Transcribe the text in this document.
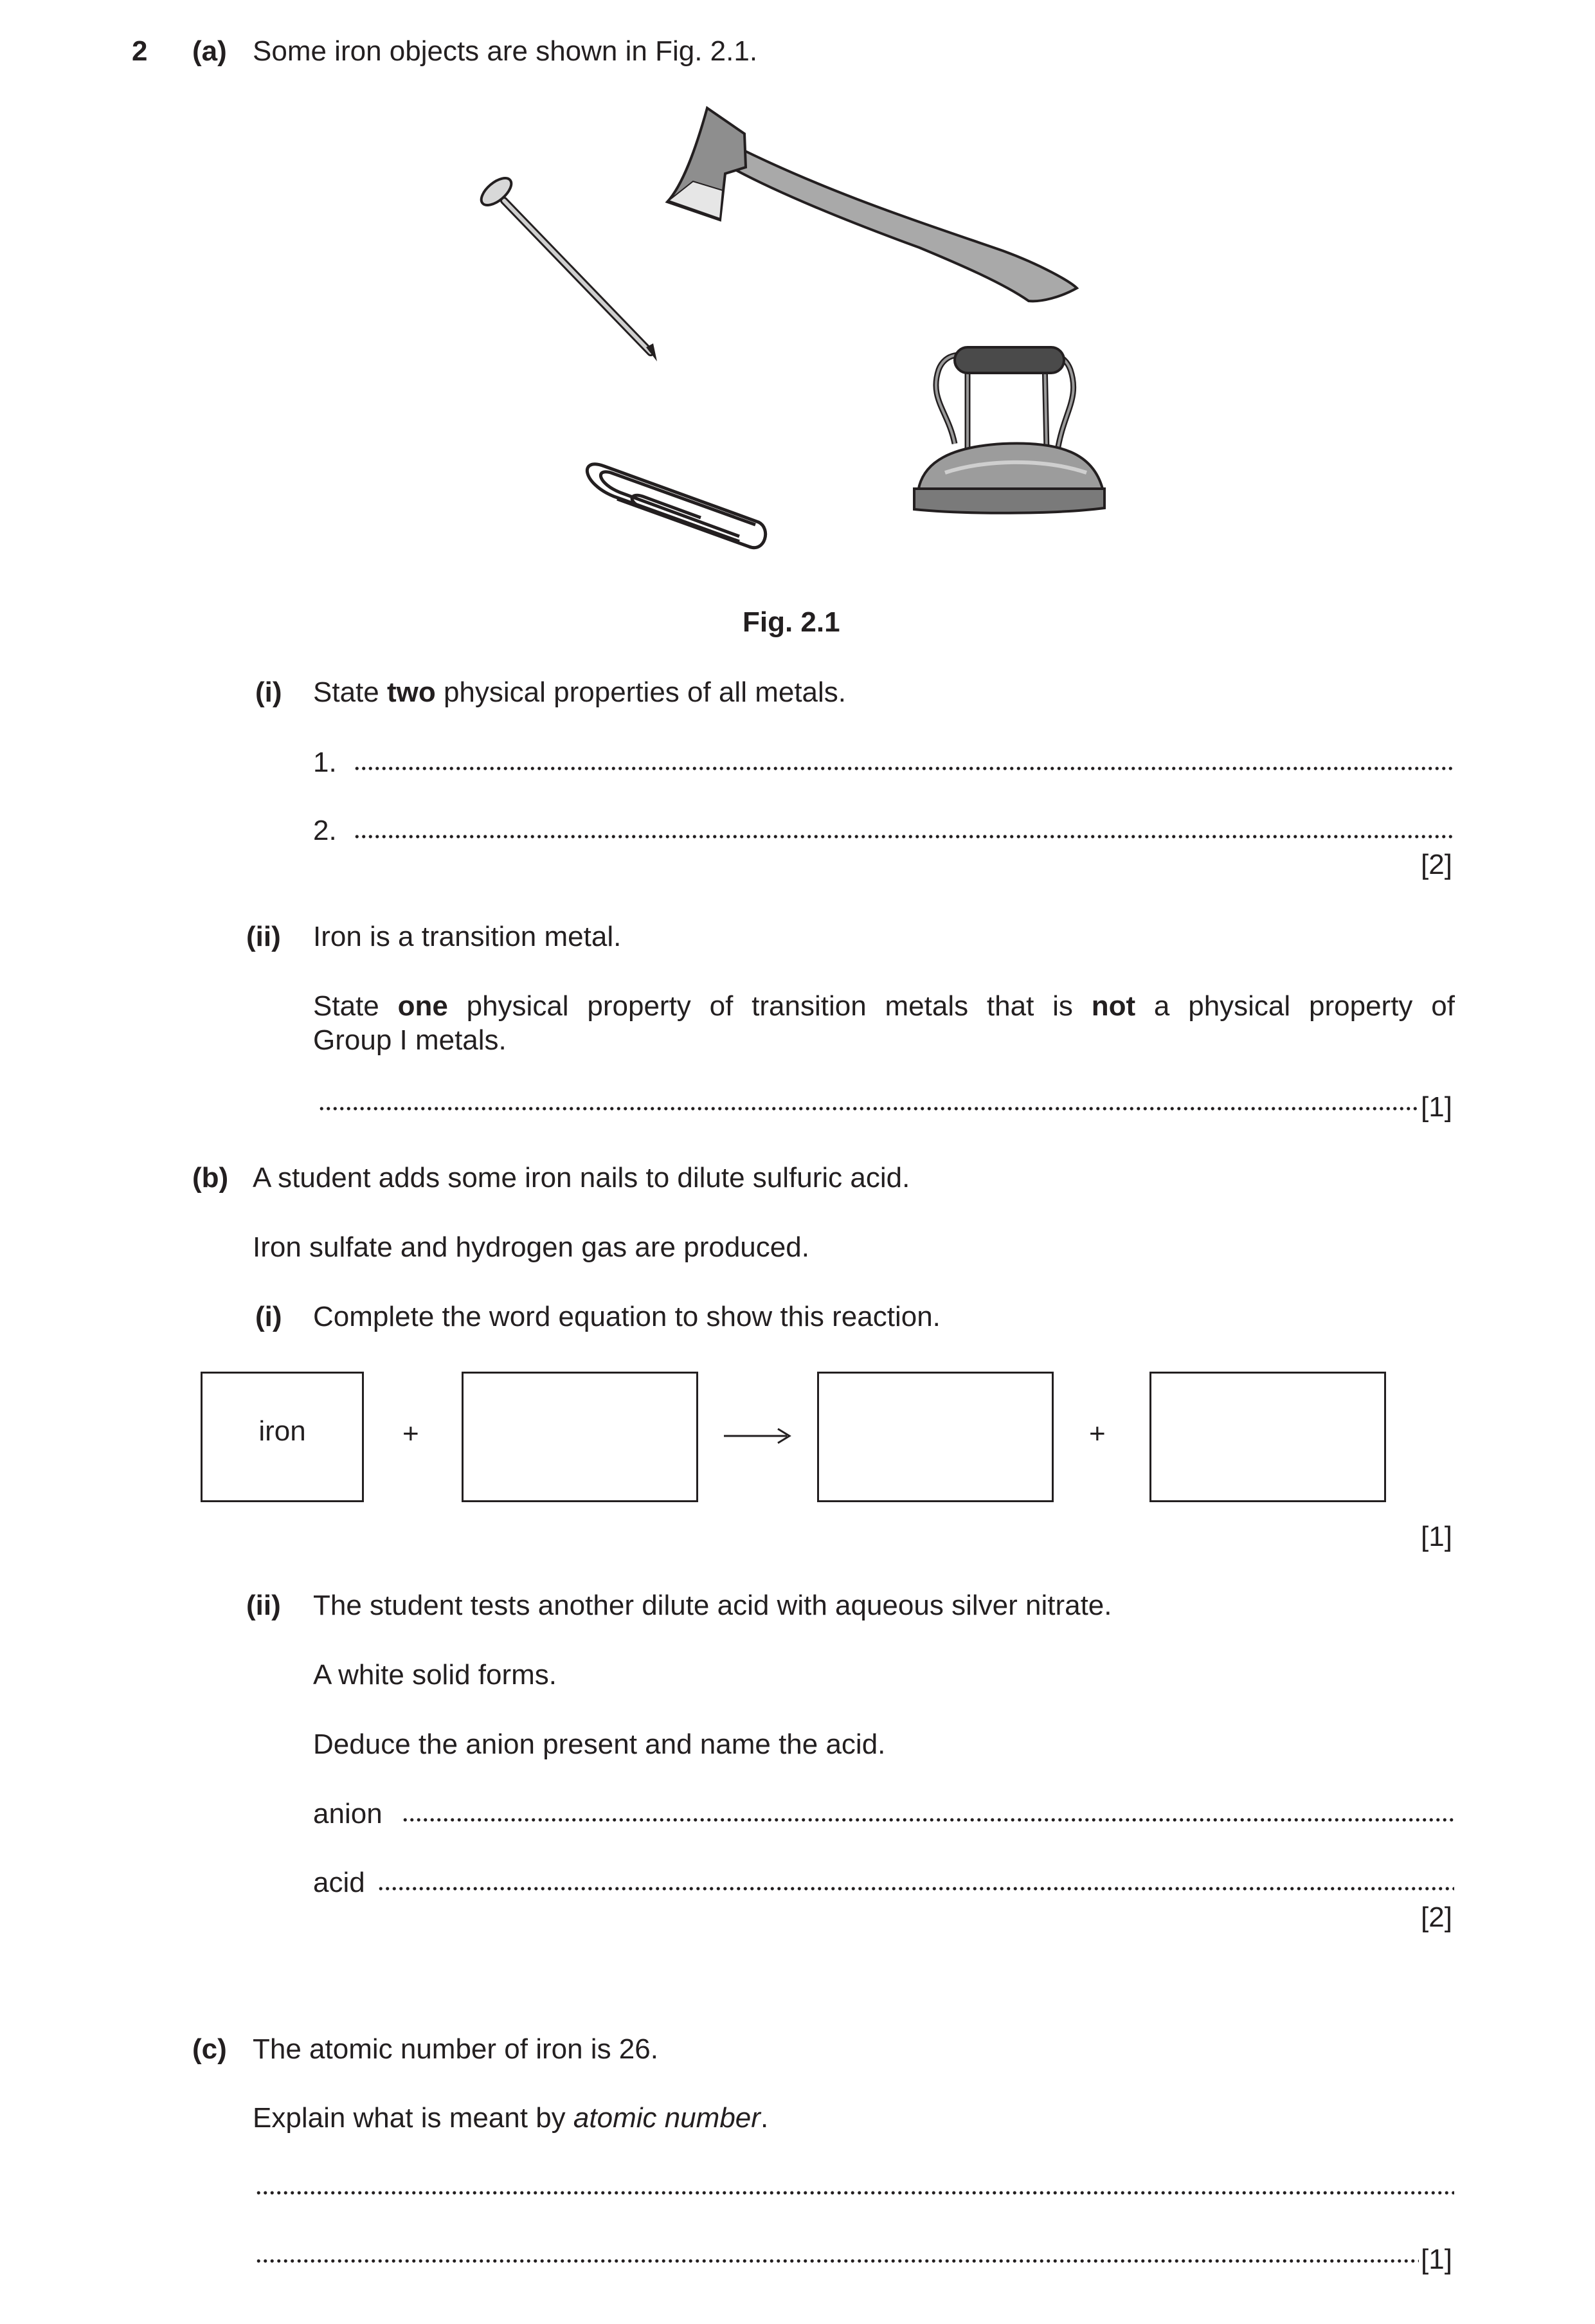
2 (a) Some iron objects are shown in Fig. 2.1.
Fig. 2.1
(i) State two physical properties of all metals.
1.
2.
[2]
(ii) Iron is a transition metal.
State one physical property of transition metals that is not a physical property of
Group I metals.
[1]
(b) A student adds some iron nails to dilute sulfuric acid.
Iron sulfate and hydrogen gas are produced.
(i) Complete the word equation to show this reaction.
iron	+	+
[1]
(ii) The student tests another dilute acid with aqueous silver nitrate.
A white solid forms.
Deduce the anion present and name the acid.
anion
acid
[2]
(c) The atomic number of iron is 26.
Explain what is meant by atomic number.
[1]
